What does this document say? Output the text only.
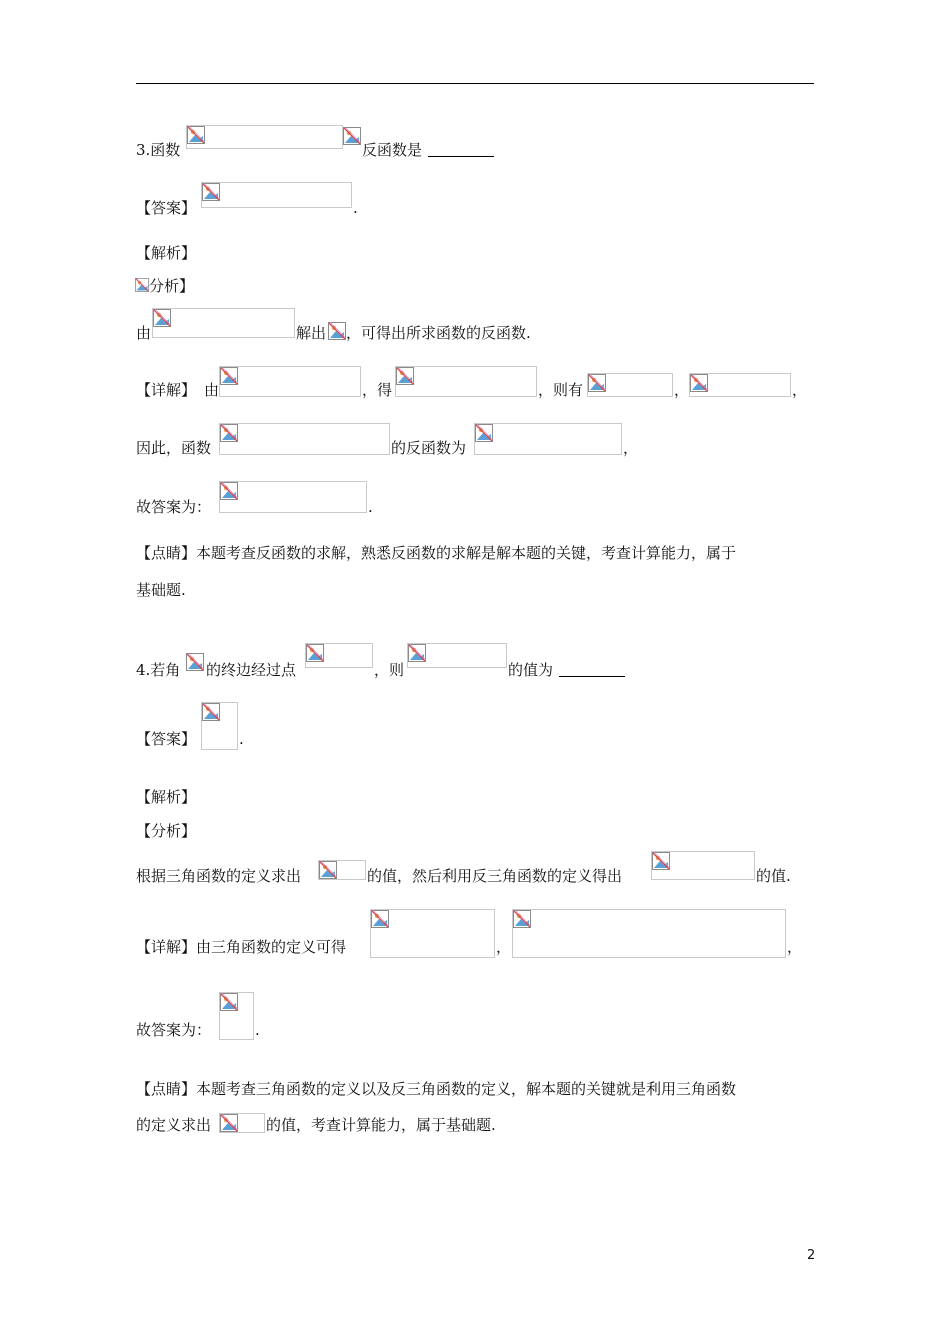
3.函数	反函数是
【答案】	.
【解析】
分析】
由	解出 ，可得出所求函数的反函数.
【详解】 由	，得	，则有	，	，
因此，函数	的反函数为	，
故答案为：	.
【点睛】本题考查反函数的求解，熟悉反函数的求解是解本题的关键，考查计算能力，属于
基础题.
4.若角 的终边经过点	，则	的值为
【答案】	.
【解析】
【分析】
根据三角函数的定义求出	的值，然后利用反三角函数的定义得出	的值.
【详解】由三角函数的定义可得	，	，
故答案为：	.
【点睛】本题考查三角函数的定义以及反三角函数的定义，解本题的关键就是利用三角函数
的定义求出	的值，考查计算能力，属于基础题.
2
